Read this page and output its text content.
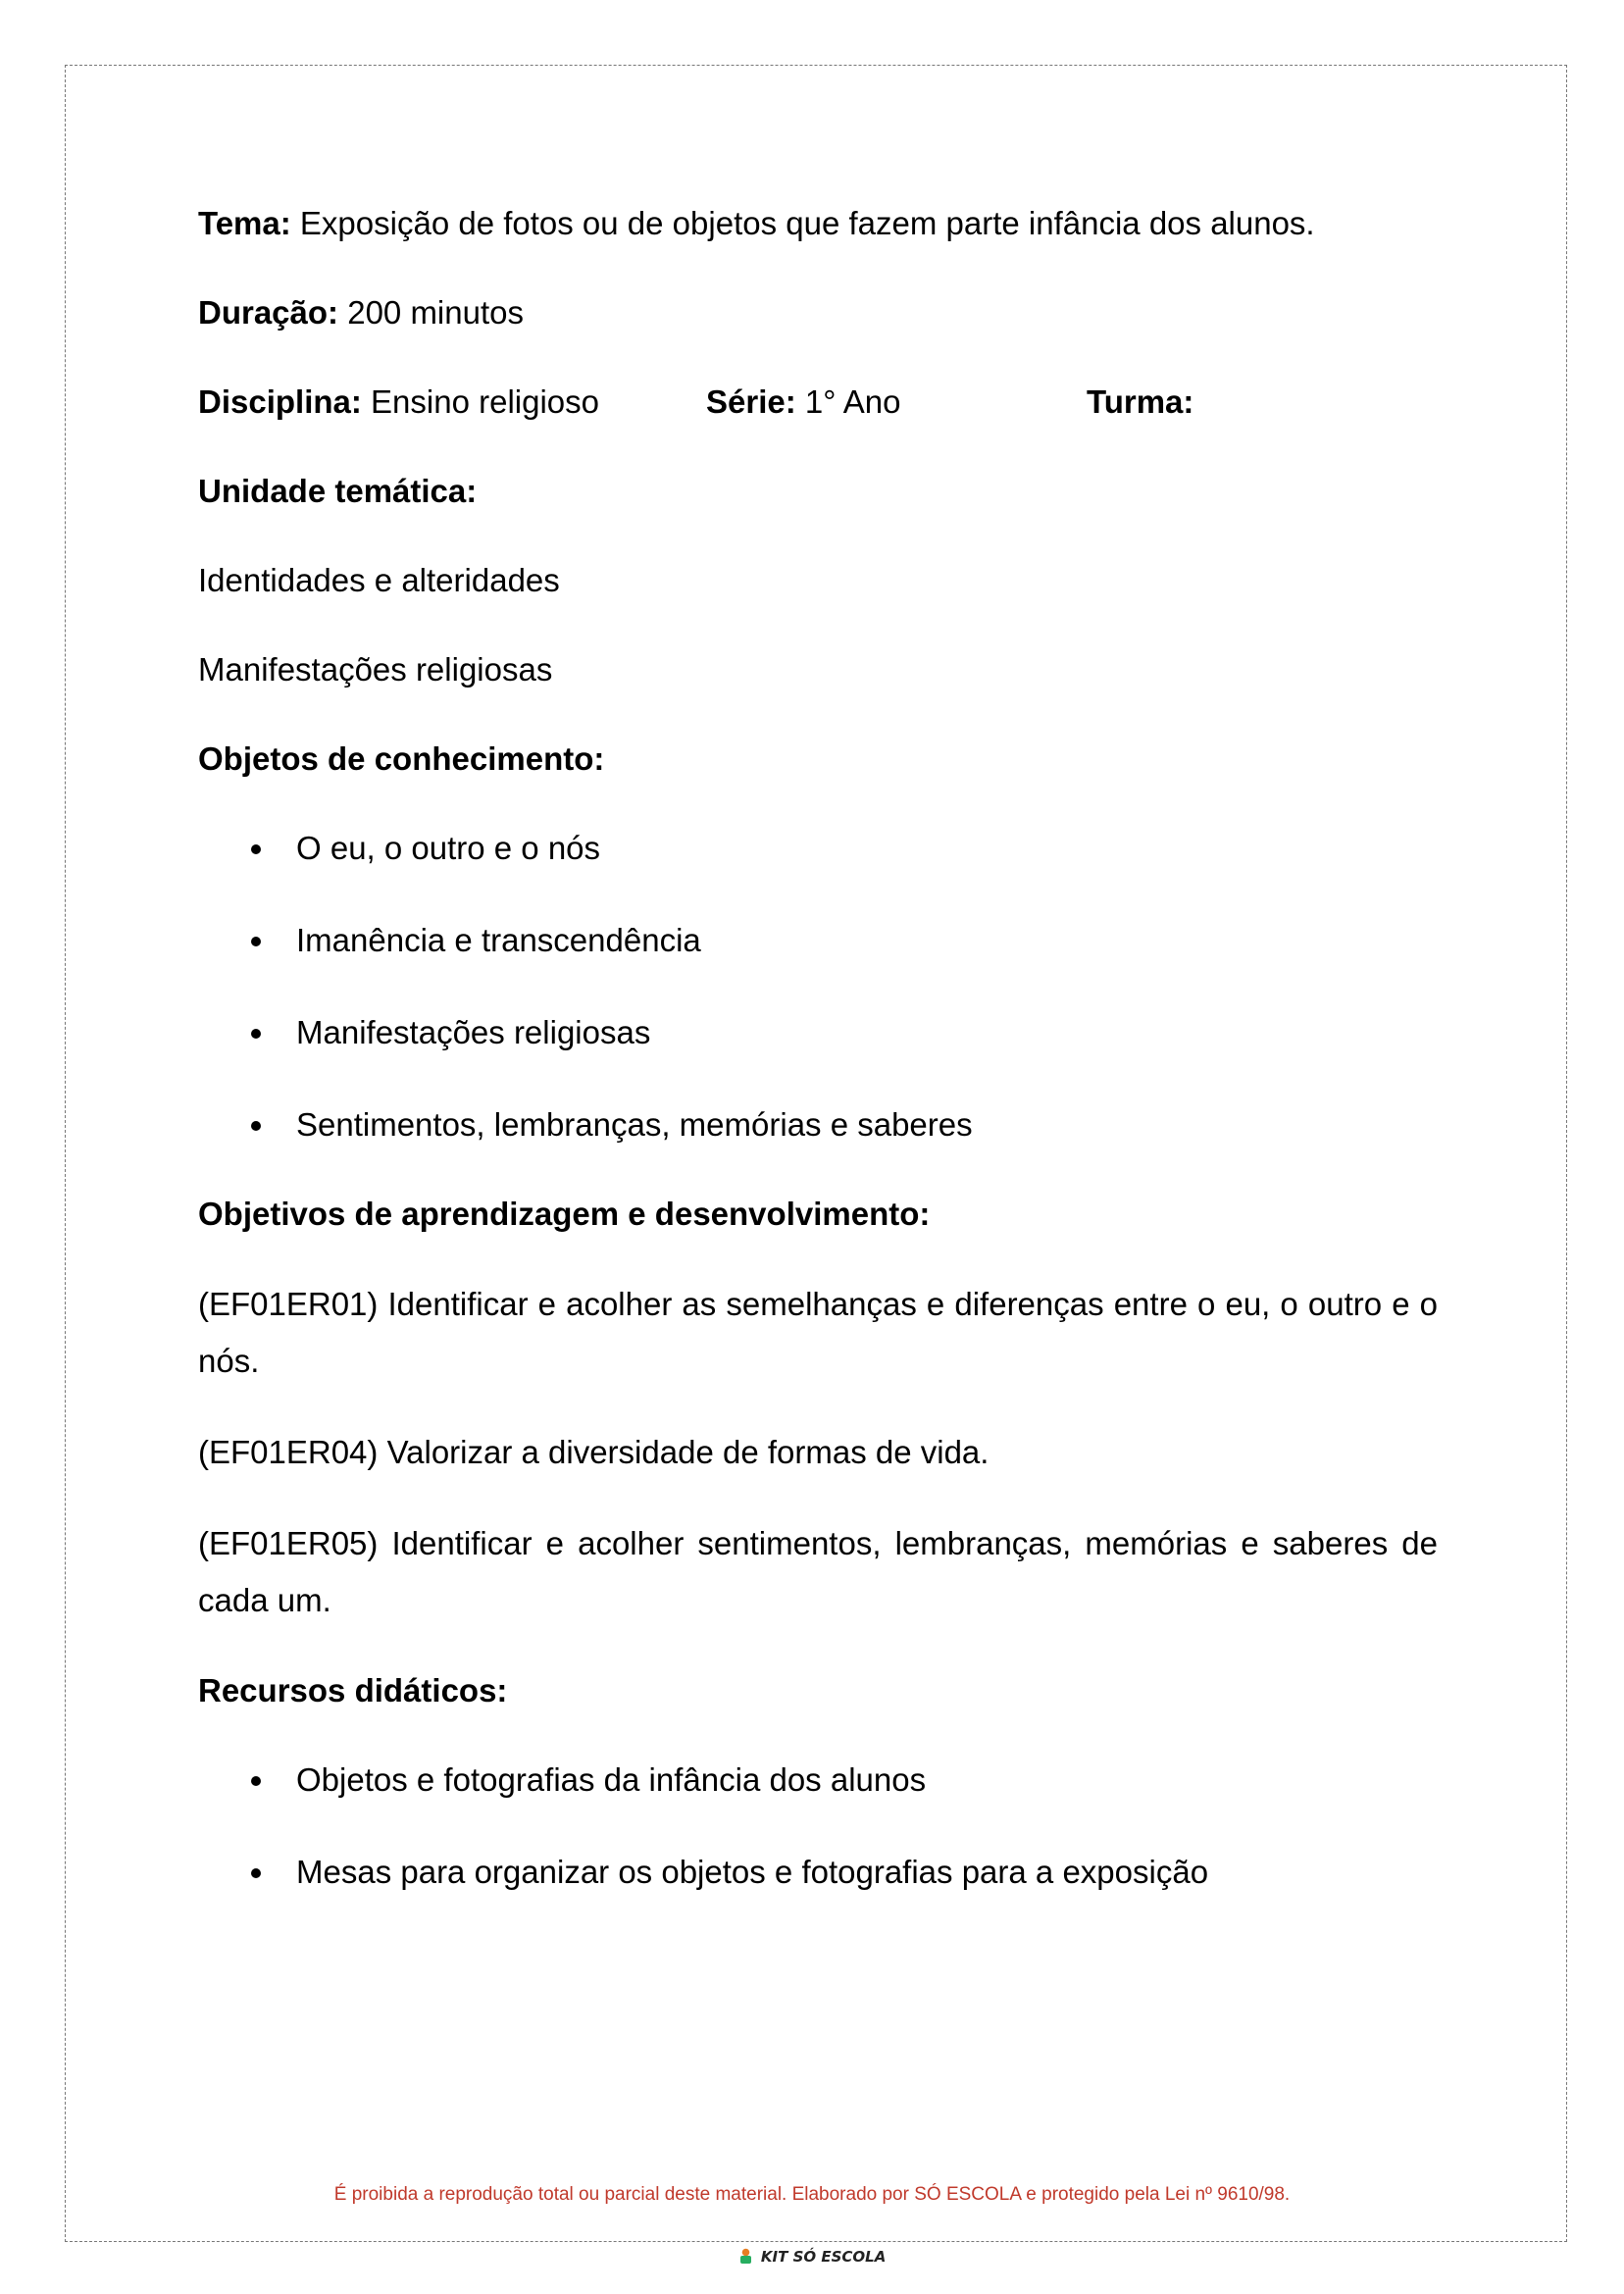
Tema: Exposição de fotos ou de objetos que fazem parte infância dos alunos.

Duração: 200 minutos

Disciplina: Ensino religioso	Série: 1° Ano	Turma:

Unidade temática:

Identidades e alteridades

Manifestações religiosas

Objetos de conhecimento:

O eu, o outro e o nós
Imanência e transcendência
Manifestações religiosas
Sentimentos, lembranças, memórias e saberes

Objetivos de aprendizagem e desenvolvimento:

(EF01ER01) Identificar e acolher as semelhanças e diferenças entre o eu, o outro e o nós.

(EF01ER04) Valorizar a diversidade de formas de vida.

(EF01ER05) Identificar e acolher sentimentos, lembranças, memórias e saberes de cada um.

Recursos didáticos:

Objetos e fotografias da infância dos alunos
Mesas para organizar os objetos e fotografias para a exposição
É proibida a reprodução total ou parcial deste material. Elaborado por SÓ ESCOLA e protegido pela Lei nº 9610/98.
KIT SÓ ESCOLA
